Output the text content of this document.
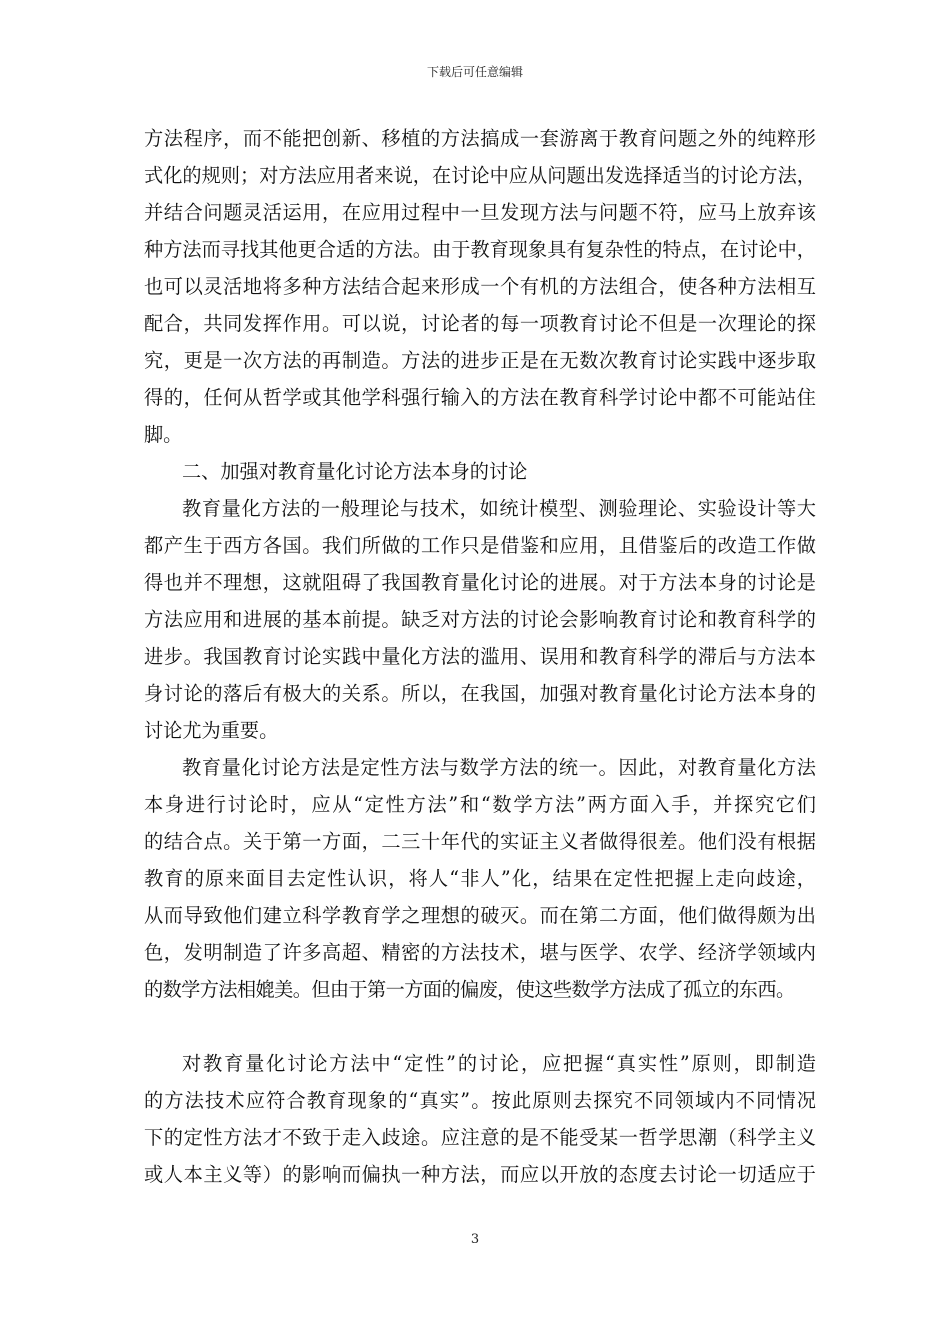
下载后可任意编辑
方法程序，而不能把创新、移植的方法搞成一套游离于教育问题之外的纯粹形
式化的规则；对方法应用者来说，在讨论中应从问题出发选择适当的讨论方法，
并结合问题灵活运用，在应用过程中一旦发现方法与问题不符，应马上放弃该
种方法而寻找其他更合适的方法。由于教育现象具有复杂性的特点，在讨论中，
也可以灵活地将多种方法结合起来形成一个有机的方法组合，使各种方法相互
配合，共同发挥作用。可以说，讨论者的每一项教育讨论不但是一次理论的探
究，更是一次方法的再制造。方法的进步正是在无数次教育讨论实践中逐步取
得的，任何从哲学或其他学科强行输入的方法在教育科学讨论中都不可能站住
脚。
二、加强对教育量化讨论方法本身的讨论
教育量化方法的一般理论与技术，如统计模型、测验理论、实验设计等大
都产生于西方各国。我们所做的工作只是借鉴和应用，且借鉴后的改造工作做
得也并不理想，这就阻碍了我国教育量化讨论的进展。对于方法本身的讨论是
方法应用和进展的基本前提。缺乏对方法的讨论会影响教育讨论和教育科学的
进步。我国教育讨论实践中量化方法的滥用、误用和教育科学的滞后与方法本
身讨论的落后有极大的关系。所以，在我国，加强对教育量化讨论方法本身的
讨论尤为重要。
教育量化讨论方法是定性方法与数学方法的统一。因此，对教育量化方法
本身进行讨论时，应从“定性方法”和“数学方法”两方面入手，并探究它们
的结合点。关于第一方面，二三十年代的实证主义者做得很差。他们没有根据
教育的原来面目去定性认识，将人“非人”化，结果在定性把握上走向歧途，
从而导致他们建立科学教育学之理想的破灭。而在第二方面，他们做得颇为出
色，发明制造了许多高超、精密的方法技术，堪与医学、农学、经济学领域内
的数学方法相媲美。但由于第一方面的偏废，使这些数学方法成了孤立的东西。
对教育量化讨论方法中“定性”的讨论，应把握“真实性”原则，即制造
的方法技术应符合教育现象的“真实”。按此原则去探究不同领域内不同情况
下的定性方法才不致于走入歧途。应注意的是不能受某一哲学思潮（科学主义
或人本主义等）的影响而偏执一种方法，而应以开放的态度去讨论一切适应于
3
